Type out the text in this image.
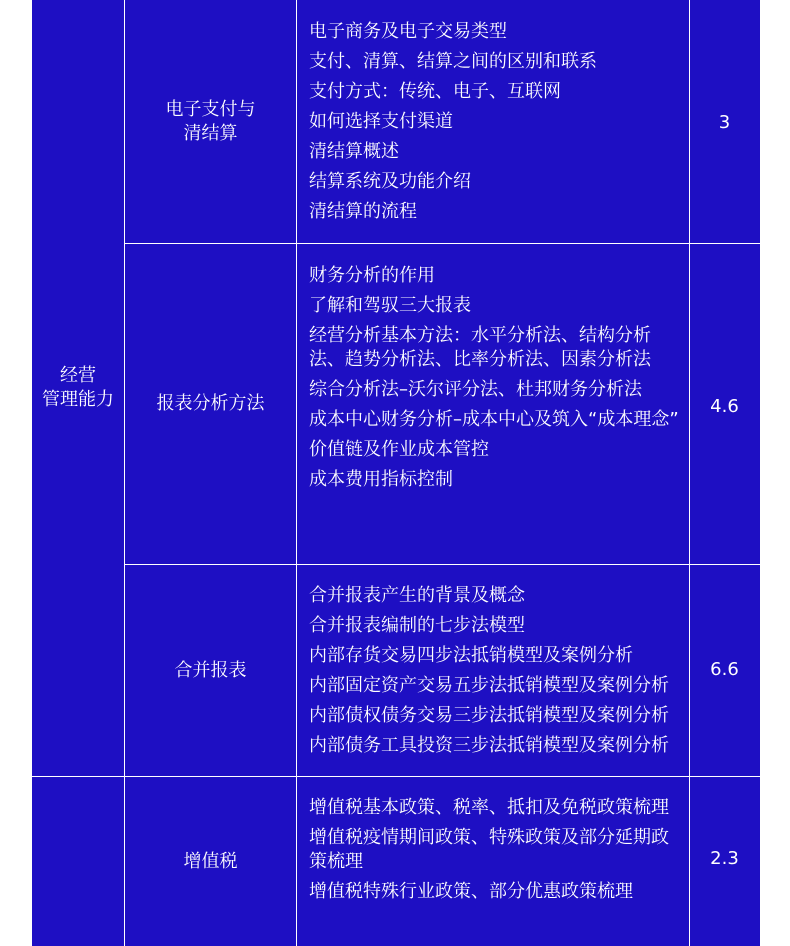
经营
管理能力
电子支付与
清结算
报表分析方法
合并报表
增值税
电子商务及电子交易类型
支付、清算、结算之间的区别和联系
支付方式：传统、电子、互联网
如何选择支付渠道
清结算概述
结算系统及功能介绍
清结算的流程
财务分析的作用
了解和驾驭三大报表
经营分析基本方法：水平分析法、结构分析法、趋势分析法、比率分析法、因素分析法
综合分析法–沃尔评分法、杜邦财务分析法
成本中心财务分析–成本中心及筑入“成本理念”
价值链及作业成本管控
成本费用指标控制
合并报表产生的背景及概念
合并报表编制的七步法模型
内部存货交易四步法抵销模型及案例分析
内部固定资产交易五步法抵销模型及案例分析
内部债权债务交易三步法抵销模型及案例分析
内部债务工具投资三步法抵销模型及案例分析
增值税基本政策、税率、抵扣及免税政策梳理
增值税疫情期间政策、特殊政策及部分延期政策梳理
增值税特殊行业政策、部分优惠政策梳理
3
4.6
6.6
2.3
